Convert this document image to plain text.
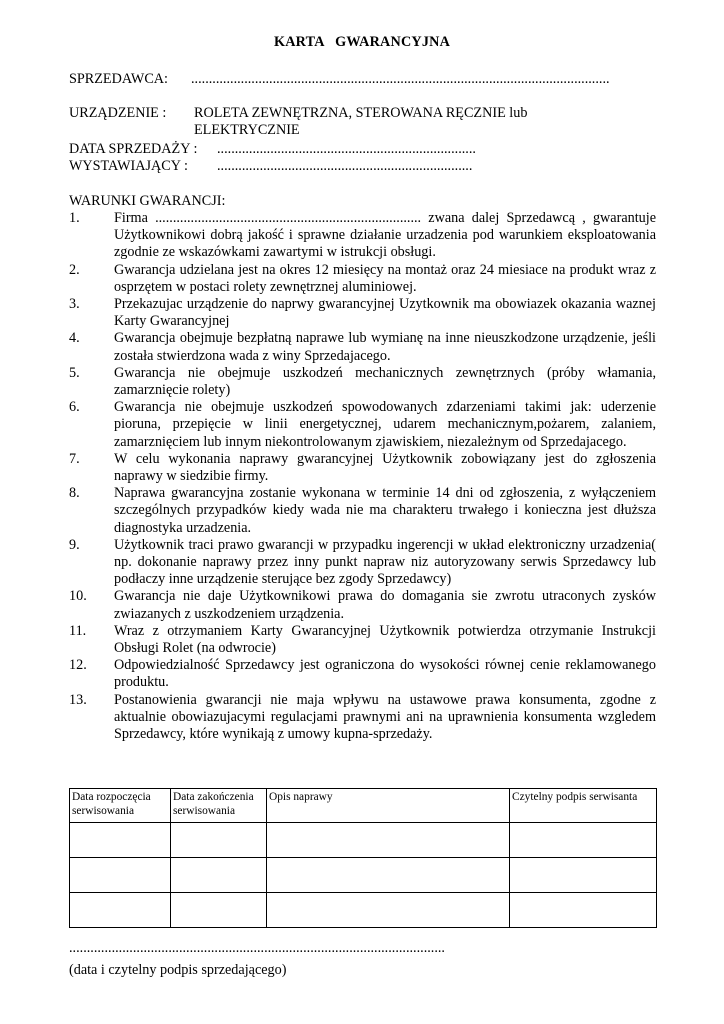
KARTA   GWARANCYJNA
SPRZEDAWCA: ......................................................................................................................
URZĄDZENIE : ROLETA ZEWNĘTRZNA, STEROWANA RĘCZNIE lub
ELEKTRYCZNIE
DATA SPRZEDAŻY : .........................................................................
WYSTAWIAJĄCY : ........................................................................
WARUNKI GWARANCJI:
1.	Firma ........................................................................... zwana dalej Sprzedawcą , gwarantuje Użytkownikowi dobrą jakość i sprawne działanie urzadzenia pod warunkiem eksploatowania zgodnie ze wskazówkami zawartymi w istrukcji obsługi.
2.	Gwarancja udzielana jest na okres 12 miesięcy na montaż oraz 24 miesiace na produkt wraz z osprzętem w postaci rolety zewnętrznej aluminiowej.
3.	Przekazujac urządzenie do naprwy gwarancyjnej Uzytkownik ma obowiazek okazania waznej Karty Gwarancyjnej
4.	Gwarancja obejmuje bezpłatną naprawe lub wymianę na inne nieuszkodzone urządzenie, jeśli została stwierdzona wada z winy Sprzedajacego.
5.	Gwarancja nie obejmuje uszkodzeń mechanicznych zewnętrznych (próby włamania, zamarznięcie rolety)
6.	Gwarancja nie obejmuje uszkodzeń spowodowanych zdarzeniami takimi jak: uderzenie pioruna, przepięcie w linii energetycznej, udarem mechanicznym,pożarem, zalaniem, zamarznięciem lub innym niekontrolowanym zjawiskiem, niezależnym od Sprzedajacego.
7.	W celu wykonania naprawy gwarancyjnej Użytkownik zobowiązany jest do zgłoszenia naprawy w siedzibie firmy.
8.	Naprawa gwarancyjna zostanie wykonana w terminie 14 dni od zgłoszenia, z wyłączeniem szczególnych przypadków kiedy wada nie ma charakteru trwałego i konieczna jest dłuższa diagnostyka urzadzenia.
9.	Użytkownik traci prawo gwarancji w przypadku ingerencji w układ elektroniczny urzadzenia( np. dokonanie naprawy przez inny punkt napraw niz autoryzowany serwis Sprzedawcy lub podłaczy inne urządzenie sterujące bez zgody Sprzedawcy)
10.	Gwarancja nie daje Użytkownikowi prawa do domagania sie zwrotu utraconych zysków zwiazanych z uszkodzeniem urządzenia.
11.	Wraz z otrzymaniem Karty Gwarancyjnej Użytkownik potwierdza otrzymanie Instrukcji Obsługi Rolet (na odwrocie)
12.	Odpowiedzialność Sprzedawcy jest ograniczona do wysokości równej cenie reklamowanego produktu.
13.	Postanowienia gwarancji nie maja wpływu na ustawowe prawa konsumenta, zgodne z aktualnie obowiazujacymi regulacjami prawnymi ani na uprawnienia konsumenta wzgledem Sprzedawcy, które wynikają z umowy kupna-sprzedaży.
Data rozpoczęcia serwisowania	Data zakończenia serwisowania	Opis naprawy	Czytelny podpis serwisanta

..........................................................................................................
(data i czytelny podpis sprzedającego)
